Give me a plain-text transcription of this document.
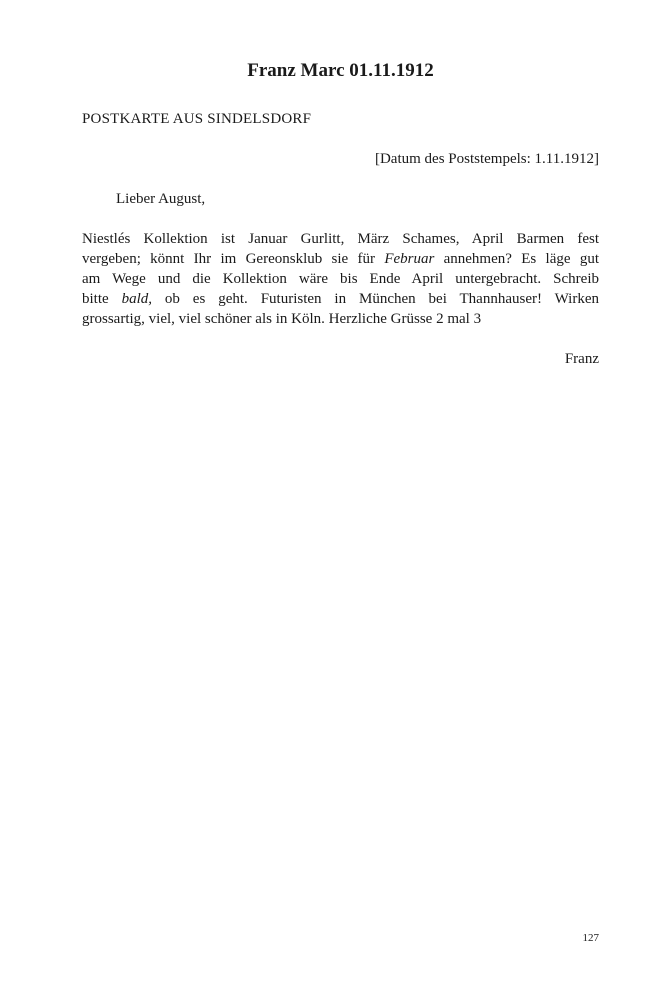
Franz Marc 01.11.1912
POSTKARTE AUS SINDELSDORF
[Datum des Poststempels: 1.11.1912]
Lieber August,

Niestlés Kollektion ist Januar Gurlitt, März Schames, April Barmen fest
vergeben; könnt Ihr im Gereonsklub sie für Februar annehmen? Es läge gut
am Wege und die Kollektion wäre bis Ende April untergebracht. Schreib
bitte bald, ob es geht. Futuristen in München bei Thannhauser! Wirken
grossartig, viel, viel schöner als in Köln. Herzliche Grüsse 2 mal 3

Franz
127
